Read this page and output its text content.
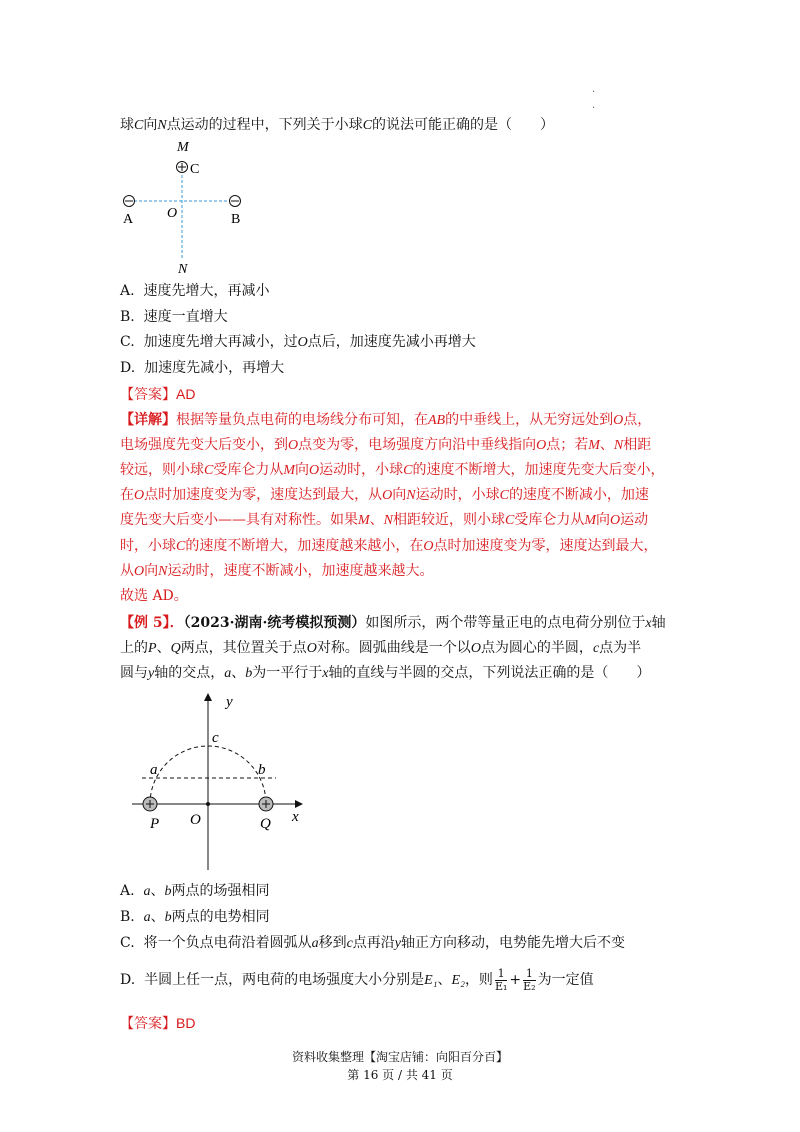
.
.
球C向N点运动的过程中，下列关于小球C的说法可能正确的是（　　）
M
C
A O	B
N
A. 速度先增大，再减小
B. 速度一直增大
C. 加速度先增大再减小，过O点后，加速度先减小再增大
D. 加速度先减小，再增大
【答案】AD
【详解】根据等量负点电荷的电场线分布可知，在AB的中垂线上，从无穷远处到O点，
电场强度先变大后变小，到O点变为零，电场强度方向沿中垂线指向O点；若M、N相距
较远，则小球C受库仑力从M向O运动时，小球C的速度不断增大，加速度先变大后变小，
在O点时加速度变为零，速度达到最大，从O向N运动时，小球C的速度不断减小，加速
度先变大后变小——具有对称性。如果M、N相距较近，则小球C受库仑力从M向O运动
时，小球C的速度不断增大，加速度越来越小，在O点时加速度变为零，速度达到最大，
从O向N运动时，速度不断减小，加速度越来越大。
故选 AD。
【例 5】．（2023·湖南·统考模拟预测）如图所示，两个带等量正电的点电荷分别位于x轴
上的P、Q两点，其位置关于点O对称。圆弧曲线是一个以O点为圆心的半圆，c点为半
圆与y轴的交点，a、b为一平行于x轴的直线与半圆的交点，下列说法正确的是（　　）
y
x
c
a	b
P O	Q
A. a、b两点的场强相同
B. a、b两点的电势相同
C. 将一个负点电荷沿着圆弧从a移到c点再沿y轴正方向移动，电势能先增大后不变
D. 半圆上任一点，两电荷的电场强度大小分别是E₁、E₂，则 $\frac{1}{\text{E₁}} + \frac{1}{\text{E₂}}$ 为一定值
【答案】BD
资料收集整理【淘宝店铺：向阳百分百】
第 16 页 / 共 41 页
